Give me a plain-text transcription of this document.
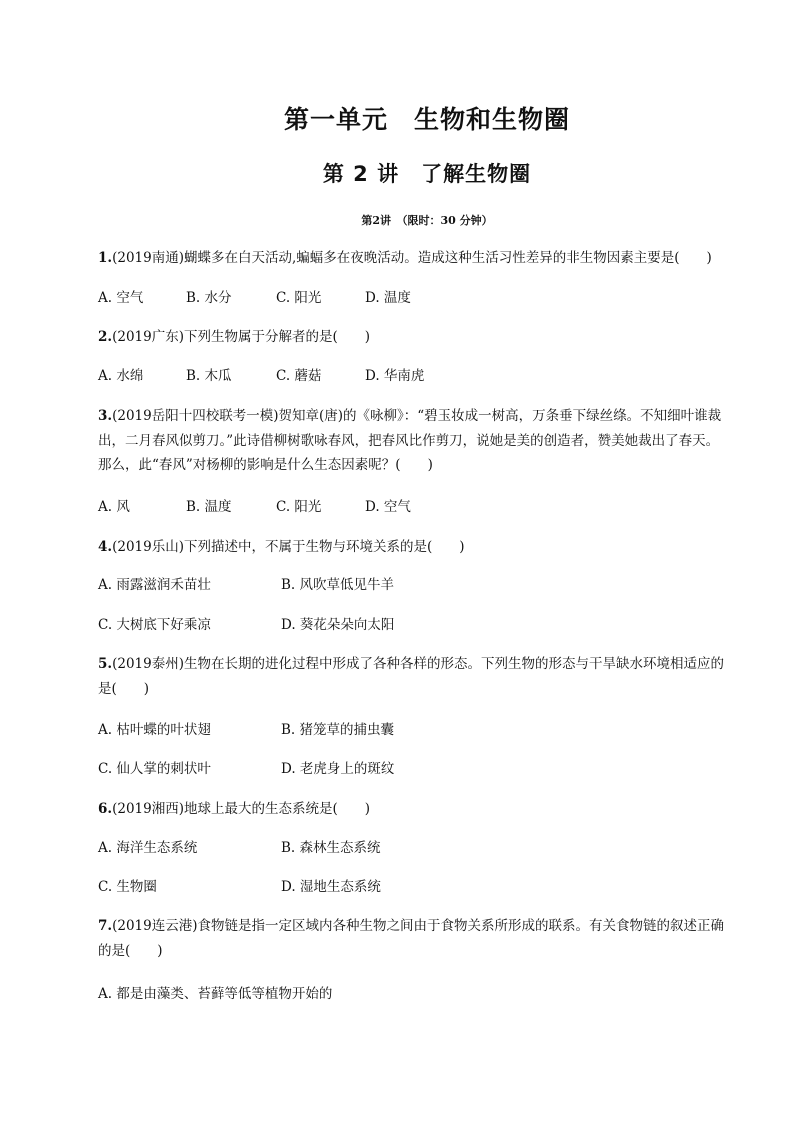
第一单元　生物和生物圈
第 2 讲　了解生物圈
第2讲　（限时：30 分钟）
1.(2019南通)蝴蝶多在白天活动,蝙蝠多在夜晚活动。造成这种生活习性差异的非生物因素主要是(　　)
A. 空气	B. 水分	C. 阳光	D. 温度
2.(2019广东)下列生物属于分解者的是(　　)
A. 水绵	B. 木瓜	C. 蘑菇	D. 华南虎
3.(2019岳阳十四校联考一模)贺知章(唐)的《咏柳》：“碧玉妆成一树高，万条垂下绿丝绦。不知细叶谁裁出，二月春风似剪刀。”此诗借柳树歌咏春风，把春风比作剪刀，说她是美的创造者，赞美她裁出了春天。那么，此“春风”对杨柳的影响是什么生态因素呢？(　　)
A. 风	B. 温度	C. 阳光	D. 空气
4.(2019乐山)下列描述中，不属于生物与环境关系的是(　　)
A. 雨露滋润禾苗壮	B. 风吹草低见牛羊
C. 大树底下好乘凉	D. 葵花朵朵向太阳
5.(2019泰州)生物在长期的进化过程中形成了各种各样的形态。下列生物的形态与干旱缺水环境相适应的是(　　)
A. 枯叶蝶的叶状翅	B. 猪笼草的捕虫囊
C. 仙人掌的刺状叶	D. 老虎身上的斑纹
6.(2019湘西)地球上最大的生态系统是(　　)
A. 海洋生态系统	B. 森林生态系统
C. 生物圈	D. 湿地生态系统
7.(2019连云港)食物链是指一定区域内各种生物之间由于食物关系所形成的联系。有关食物链的叙述正确的是(　　)
A. 都是由藻类、苔藓等低等植物开始的
